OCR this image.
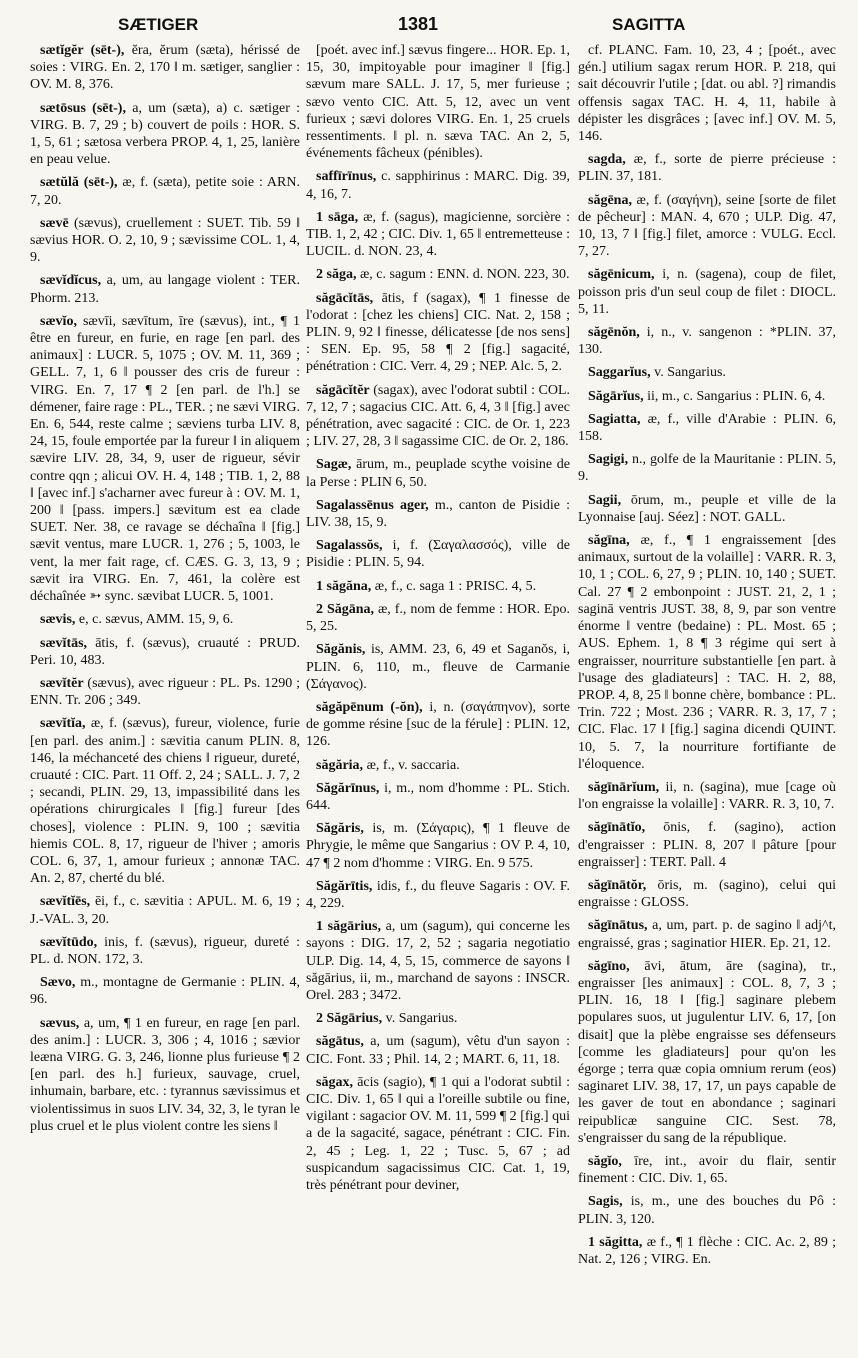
SÆTIGER	1381	SAGITTA

sætĭgĕr (sēt-), ĕra, ĕrum (sæta), hérissé de soies : VIRG. En. 2, 170 ‖ m. sætiger, sanglier : OV. M. 8, 376.

sætōsus (sēt-), a, um (sæta), a) c. sætiger : VIRG. B. 7, 29 ; b) couvert de poils : HOR. S. 1, 5, 61 ; sætosa verbera PROP. 4, 1, 25, lanière en peau velue.

sætŭlă (sēt-), æ, f. (sæta), petite soie : ARN. 7, 20.

sævē (sævus), cruellement : SUET. Tib. 59 ‖ sævius HOR. O. 2, 10, 9 ; sævissime COL. 1, 4, 9.

sævĭdĭcus, a, um, au langage violent : TER. Phorm. 213.

sævĭo, sævīi, sævītum, īre (sævus), int., ¶ 1 être en fureur, en furie, en rage [en parl. des animaux] : LUCR. 5, 1075 ; OV. M. 11, 369 ; GELL. 7, 1, 6 ‖ pousser des cris de fureur : VIRG. En. 7, 17 ¶ 2 [en parl. de l'h.] se démener, faire rage : PL., TER. ; ne sævi VIRG. En. 6, 544, reste calme ; sæviens turba LIV. 8, 24, 15, foule emportée par la fureur ‖ in aliquem sævire LIV. 28, 34, 9, user de rigueur, sévir contre qqn ; alicui OV. H. 4, 148 ; TIB. 1, 2, 88 ‖ [avec inf.] s'acharner avec fureur à : OV. M. 1, 200 ‖ [pass. impers.] sævitum est ea clade SUET. Ner. 38, ce ravage se déchaîna ‖ [fig.] sævit ventus, mare LUCR. 1, 276 ; 5, 1003, le vent, la mer fait rage, cf. CÆS. G. 3, 13, 9 ; sævit ira VIRG. En. 7, 461, la colère est déchaînée ➳ sync. sævibat LUCR. 5, 1001.

sævis, e, c. sævus, AMM. 15, 9, 6.

sævĭtās, ātis, f. (sævus), cruauté : PRUD. Peri. 10, 483.

sævĭtĕr (sævus), avec rigueur : PL. Ps. 1290 ; ENN. Tr. 206 ; 349.

sævĭtĭa, æ, f. (sævus), fureur, violence, furie [en parl. des anim.] : sævitia canum PLIN. 8, 146, la méchanceté des chiens ‖ rigueur, dureté, cruauté : CIC. Part. 11 Off. 2, 24 ; SALL. J. 7, 2 ; secandi, PLIN. 29, 13, impassibilité dans les opérations chirurgicales ‖ [fig.] fureur [des choses], violence : PLIN. 9, 100 ; sævitia hiemis COL. 8, 17, rigueur de l'hiver ; amoris COL. 6, 37, 1, amour furieux ; annonæ TAC. An. 2, 87, cherté du blé.

sævĭtĭēs, ēi, f., c. sævitia : APUL. M. 6, 19 ; J.-VAL. 3, 20.

sævĭtūdo, inis, f. (sævus), rigueur, dureté : PL. d. NON. 172, 3.

Sævo, m., montagne de Germanie : PLIN. 4, 96.

sævus, a, um, ¶ 1 en fureur, en rage [en parl. des anim.] : LUCR. 3, 306 ; 4, 1016 ; sævior leæna VIRG. G. 3, 246, lionne plus furieuse ¶ 2 [en parl. des h.] furieux, sauvage, cruel, inhumain, barbare, etc. : tyrannus sævissimus et violentissimus in suos LIV. 34, 32, 3, le tyran le plus cruel et le plus violent contre les siens ‖

[poét. avec inf.] sævus fingere... HOR. Ep. 1, 15, 30, impitoyable pour imaginer ‖ [fig.] sævum mare SALL. J. 17, 5, mer furieuse ; sævo vento CIC. Att. 5, 12, avec un vent furieux ; sævi dolores VIRG. En. 1, 25 cruels ressentiments. ‖ pl. n. sæva TAC. An 2, 5, événements fâcheux (pénibles).

saffīrīnus, c. sapphirinus : MARC. Dig. 39, 4, 16, 7.

1 sāga, æ, f. (sagus), magicienne, sorcière : TIB. 1, 2, 42 ; CIC. Div. 1, 65 ‖ entremetteuse : LUCIL. d. NON. 23, 4.

2 săga, æ, c. sagum : ENN. d. NON. 223, 30.

săgācĭtās, ātis, f (sagax), ¶ 1 finesse de l'odorat : [chez les chiens] CIC. Nat. 2, 158 ; PLIN. 9, 92 ‖ finesse, délicatesse [de nos sens] : SEN. Ep. 95, 58 ¶ 2 [fig.] sagacité, pénétration : CIC. Verr. 4, 29 ; NEP. Alc. 5, 2.

săgācĭtĕr (sagax), avec l'odorat subtil : COL. 7, 12, 7 ; sagacius CIC. Att. 6, 4, 3 ‖ [fig.] avec pénétration, avec sagacité : CIC. de Or. 1, 223 ; LIV. 27, 28, 3 ‖ sagassime CIC. de Or. 2, 186.

Sagæ, ārum, m., peuplade scythe voisine de la Perse : PLIN 6, 50.

Sagalassēnus ager, m., canton de Pisidie : LIV. 38, 15, 9.

Sagalassŏs, i, f. (Σαγαλασσός), ville de Pisidie : PLIN. 5, 94.

1 săgăna, æ, f., c. saga 1 : PRISC. 4, 5.

2 Săgāna, æ, f., nom de femme : HOR. Epo. 5, 25.

Săgănis, is, AMM. 23, 6, 49 et Saganŏs, i, PLIN. 6, 110, m., fleuve de Carmanie (Σάγανος).

săgăpēnum (-ŏn), i, n. (σαγάπηνον), sorte de gomme résine [suc de la férule] : PLIN. 12, 126.

săgăria, æ, f., v. saccaria.

Săgărīnus, i, m., nom d'homme : PL. Stich. 644.

Săgăris, is, m. (Σάγαρις), ¶ 1 fleuve de Phrygie, le même que Sangarius : OV P. 4, 10, 47 ¶ 2 nom d'homme : VIRG. En. 9 575.

Săgărītis, idis, f., du fleuve Sagaris : OV. F. 4, 229.

1 săgārius, a, um (sagum), qui concerne les sayons : DIG. 17, 2, 52 ; sagaria negotiatio ULP. Dig. 14, 4, 5, 15, commerce de sayons ‖ săgārius, ii, m., marchand de sayons : INSCR. Orel. 283 ; 3472.

2 Săgārius, v. Sangarius.

săgātus, a, um (sagum), vêtu d'un sayon : CIC. Font. 33 ; Phil. 14, 2 ; MART. 6, 11, 18.

săgax, ācis (sagio), ¶ 1 qui a l'odorat subtil : CIC. Div. 1, 65 ‖ qui a l'oreille subtile ou fine, vigilant : sagacior OV. M. 11, 599 ¶ 2 [fig.] qui a de la sagacité, sagace, pénétrant : CIC. Fin. 2, 45 ; Leg. 1, 22 ; Tusc. 5, 67 ; ad suspicandum sagacissimus CIC. Cat. 1, 19, très pénétrant pour deviner,

cf. PLANC. Fam. 10, 23, 4 ; [poét., avec gén.] utilium sagax rerum HOR. P. 218, qui sait découvrir l'utile ; [dat. ou abl. ?] rimandis offensis sagax TAC. H. 4, 11, habile à dépister les disgrâces ; [avec inf.] OV. M. 5, 146.

sagda, æ, f., sorte de pierre précieuse : PLIN. 37, 181.

săgēna, æ, f. (σαγήνη), seine [sorte de filet de pêcheur] : MAN. 4, 670 ; ULP. Dig. 47, 10, 13, 7 ‖ [fig.] filet, amorce : VULG. Eccl. 7, 27.

săgēnicum, i, n. (sagena), coup de filet, poisson pris d'un seul coup de filet : DIOCL. 5, 11.

săgēnŏn, i, n., v. sangenon : *PLIN. 37, 130.

Saggarĭus, v. Sangarius.

Săgārĭus, ii, m., c. Sangarius : PLIN. 6, 4.

Sagiatta, æ, f., ville d'Arabie : PLIN. 6, 158.

Sagigi, n., golfe de la Mauritanie : PLIN. 5, 9.

Sagii, ōrum, m., peuple et ville de la Lyonnaise [auj. Séez] : NOT. GALL.

săgīna, æ, f., ¶ 1 engraissement [des animaux, surtout de la volaille] : VARR. R. 3, 10, 1 ; COL. 6, 27, 9 ; PLIN. 10, 140 ; SUET. Cal. 27 ¶ 2 embonpoint : JUST. 21, 2, 1 ; saginā ventris JUST. 38, 8, 9, par son ventre énorme ‖ ventre (bedaine) : PL. Most. 65 ; AUS. Ephem. 1, 8 ¶ 3 régime qui sert à engraisser, nourriture substantielle [en part. à l'usage des gladiateurs] : TAC. H. 2, 88, PROP. 4, 8, 25 ‖ bonne chère, bombance : PL. Trin. 722 ; Most. 236 ; VARR. R. 3, 17, 7 ; CIC. Flac. 17 ‖ [fig.] sagina dicendi QUINT. 10, 5. 7, la nourriture fortifiante de l'éloquence.

săgīnārĭum, ii, n. (sagina), mue [cage où l'on engraisse la volaille] : VARR. R. 3, 10, 7.

săgīnātĭo, ōnis, f. (sagino), action d'engraisser : PLIN. 8, 207 ‖ pâture [pour engraisser] : TERT. Pall. 4

săgīnātŏr, ōris, m. (sagino), celui qui engraisse : GLOSS.

săgīnātus, a, um, part. p. de sagino ‖ adj^t, engraissé, gras ; saginatior HIER. Ep. 21, 12.

săgīno, āvi, ātum, āre (sagina), tr., engraisser [les animaux] : COL. 8, 7, 3 ; PLIN. 16, 18 ‖ [fig.] saginare plebem populares suos, ut jugulentur LIV. 6, 17, [on disait] que la plèbe engraisse ses défenseurs [comme les gladiateurs] pour qu'on les égorge ; terra quæ copia omnium rerum (eos) saginaret LIV. 38, 17, 17, un pays capable de les gaver de tout en abondance ; saginari reipublicæ sanguine CIC. Sest. 78, s'engraisser du sang de la république.

săgĭo, īre, int., avoir du flair, sentir finement : CIC. Div. 1, 65.

Sagis, is, m., une des bouches du Pô : PLIN. 3, 120.

1 săgitta, æ f., ¶ 1 flèche : CIC. Ac. 2, 89 ; Nat. 2, 126 ; VIRG. En.
